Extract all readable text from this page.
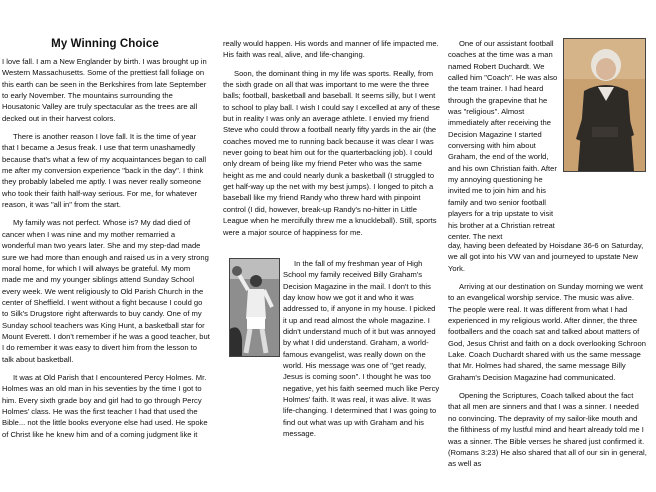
My Winning Choice

I love fall. I am a New Englander by birth. I was brought up in Western Massachusetts. Some of the prettiest fall foliage on this earth can be seen in the Berkshires from late September to early November. The mountains surrounding the Housatonic Valley are truly spectacular as the trees are all decked out in their harvest colors.

There is another reason I love fall. It is the time of year that I became a Jesus freak. I use that term unashamedly because that's what a few of my acquaintances began to call me after my conversion experience "back in the day". I think they probably labeled me aptly. I was never really someone who took their faith half-way serious. For me, for whatever reason, it was "all in" from the start.

My family was not perfect. Whose is? My dad died of cancer when I was nine and my mother remarried a wonderful man two years later. She and my step-dad made sure we had more than enough and raised us in a very strong moral home, for which I will always be grateful. My mom made me and my younger siblings attend Sunday School every week. We went religiously to Old Parish Church in the center of Sheffield. I went without a fight because I could go to Silk's Drugstore right afterwards to buy candy. One of my Sunday school teachers was King Hunt, a basketball star for Mount Everett. I don't remember if he was a good teacher, but I do remember it was easy to divert him from the lesson to talk about basketball.

It was at Old Parish that I encountered Percy Holmes. Mr. Holmes was an old man in his seventies by the time I got to him. Every sixth grade boy and girl had to go through Percy Holmes' class. He was the first teacher I had that used the Bible... not the little books everyone else had used. He spoke of Christ like he knew him and of a coming judgment like it

really would happen. His words and manner of life impacted me. His faith was real, alive, and life-changing.

Soon, the dominant thing in my life was sports. Really, from the sixth grade on all that was important to me were the three balls; football, basketball and baseball. It seems silly, but I went to school to play ball. I wish I could say I excelled at any of these but in reality I was only an average athlete. I envied my friend Steve who could throw a football nearly fifty yards in the air (the coaches moved me to running back because it was clear I was never going to beat him out for the quarterbacking job). I could only dream of being like my friend Peter who was the same height as me and could nearly dunk a basketball (I struggled to get half-way up the net with my best jumps). I longed to pitch a baseball like my friend Randy who threw hard with pinpoint control (I did, however, break-up Randy's no-hitter in Little League when he mercifully threw me a knuckleball). Still, sports were a major source of happiness for me.

In the fall of my freshman year of High School my family received Billy Graham's Decision Magazine in the mail. I don't to this day know how we got it and who it was addressed to, if anyone in my house. I picked it up and read almost the whole magazine. I didn't understand much of it but was annoyed by what I did understand. Graham, a world-famous evangelist, was really down on the world. His message was one of "get ready, Jesus is coming soon". I thought he was too negative, yet his faith seemed much like Percy Holmes' faith. It was real, it was alive. It was life-changing. I determined that I was going to find out what was up with Graham and his message.

One of our assistant football coaches at the time was a man named Robert Duchardt. We called him "Coach". He was also the team trainer. I had heard through the grapevine that he was "religious". Almost immediately after receiving the Decision Magazine I started conversing with him about Graham, the end of the world, and his own Christian faith. After my annoying questioning he invited me to join him and his family and two senior football players for a trip upstate to visit his brother at a Christian retreat center. The next

day, having been defeated by Hoisdane 36-6 on Saturday, we all got into his VW van and journeyed to upstate New York.

Arriving at our destination on Sunday morning we went to an evangelical worship service. The music was alive. The people were real. It was different from what I had experienced in my religious world. After dinner, the three footballers and the coach sat and talked about matters of God, Jesus Christ and faith on a dock overlooking Schroon Lake. Coach Duchardt shared with us the same message that Mr. Holmes had shared, the same message Billy Graham's Decision Magazine had communicated.

Opening the Scriptures, Coach talked about the fact that all men are sinners and that I was a sinner. I needed no convincing. The depravity of my sailor-like mouth and the filthiness of my lustful mind and heart already told me I was a sinner. The Bible verses he shared just confirmed it. (Romans 3:23) He also shared that all of our sin in general, as well as
